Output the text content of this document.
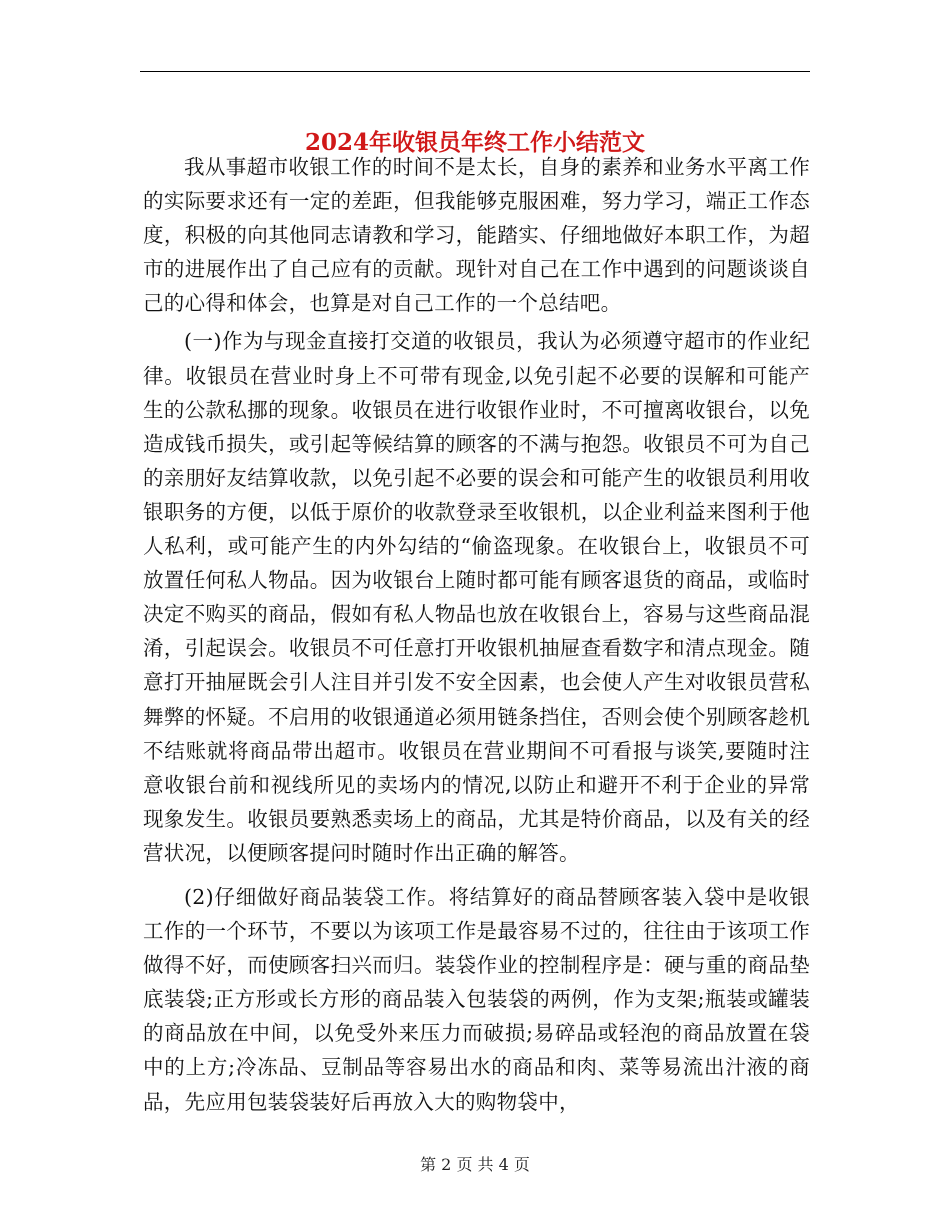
2024年收银员年终工作小结范文

我从事超市收银工作的时间不是太长，自身的素养和业务水平离工作的实际要求还有一定的差距，但我能够克服困难，努力学习，端正工作态度，积极的向其他同志请教和学习，能踏实、仔细地做好本职工作，为超市的进展作出了自己应有的贡献。现针对自己在工作中遇到的问题谈谈自己的心得和体会，也算是对自己工作的一个总结吧。

(一)作为与现金直接打交道的收银员，我认为必须遵守超市的作业纪律。收银员在营业时身上不可带有现金,以免引起不必要的误解和可能产生的公款私挪的现象。收银员在进行收银作业时，不可擅离收银台，以免造成钱币损失，或引起等候结算的顾客的不满与抱怨。收银员不可为自己的亲朋好友结算收款，以免引起不必要的误会和可能产生的收银员利用收银职务的方便，以低于原价的收款登录至收银机，以企业利益来图利于他人私利，或可能产生的内外勾结的“偷盗现象。在收银台上，收银员不可放置任何私人物品。因为收银台上随时都可能有顾客退货的商品，或临时决定不购买的商品，假如有私人物品也放在收银台上，容易与这些商品混淆，引起误会。收银员不可任意打开收银机抽屉查看数字和清点现金。随意打开抽屉既会引人注目并引发不安全因素，也会使人产生对收银员营私舞弊的怀疑。不启用的收银通道必须用链条挡住，否则会使个别顾客趁机不结账就将商品带出超市。收银员在营业期间不可看报与谈笑,要随时注意收银台前和视线所见的卖场内的情况,以防止和避开不利于企业的异常现象发生。收银员要熟悉卖场上的商品，尤其是特价商品，以及有关的经营状况，以便顾客提问时随时作出正确的解答。

(2)仔细做好商品装袋工作。将结算好的商品替顾客装入袋中是收银工作的一个环节，不要以为该项工作是最容易不过的，往往由于该项工作做得不好，而使顾客扫兴而归。装袋作业的控制程序是：硬与重的商品垫底装袋;正方形或长方形的商品装入包装袋的两例，作为支架;瓶装或罐装的商品放在中间，以免受外来压力而破损;易碎品或轻泡的商品放置在袋中的上方;冷冻品、豆制品等容易出水的商品和肉、菜等易流出汁液的商品，先应用包装袋装好后再放入大的购物袋中，

第 2 页 共 4 页
